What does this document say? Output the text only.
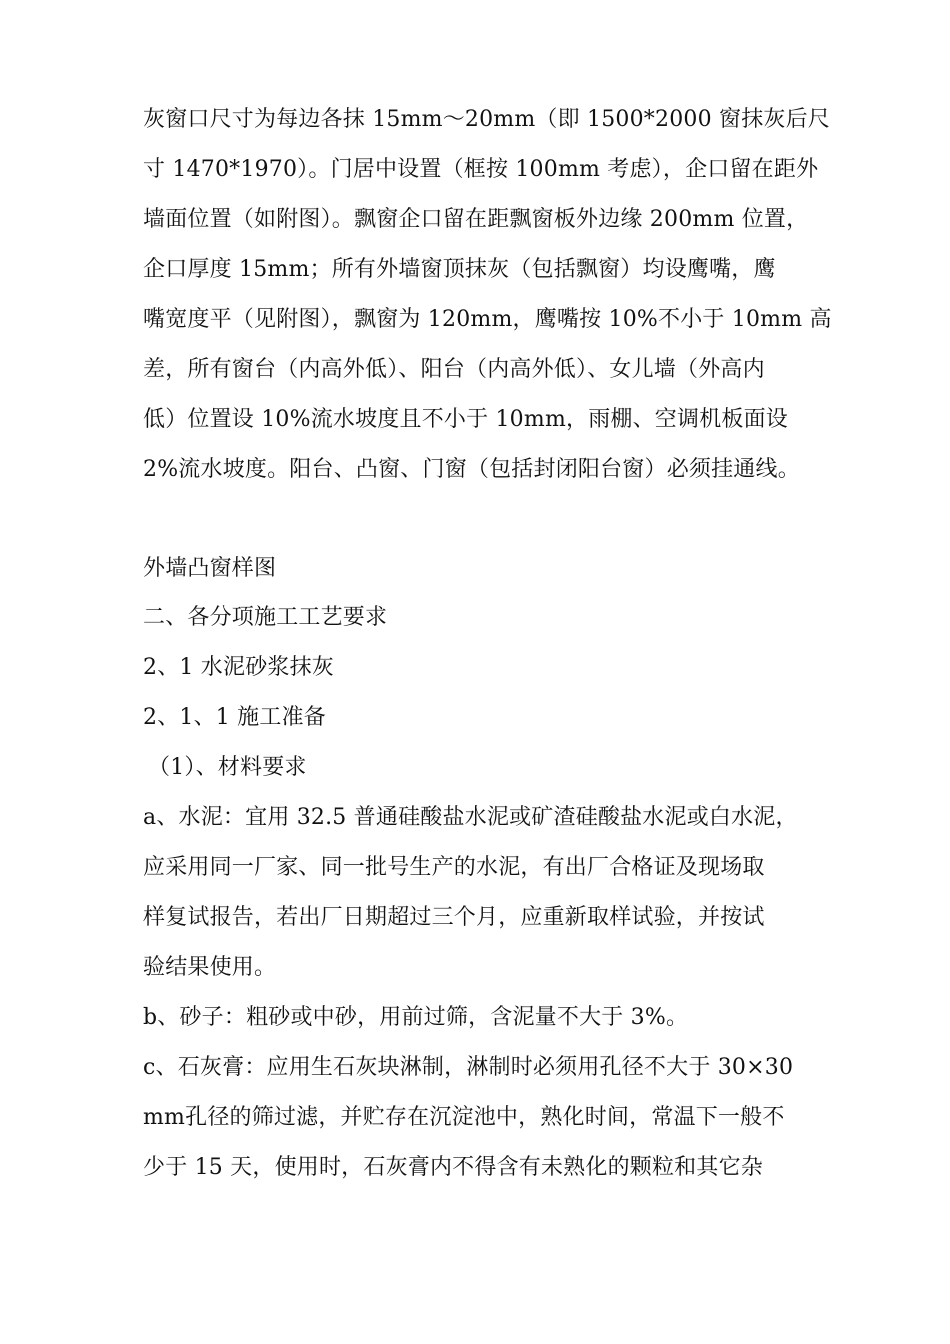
灰窗口尺寸为每边各抹 15mm～20mm（即 1500*2000 窗抹灰后尺
寸 1470*1970）。门居中设置（框按 100mm 考虑），企口留在距外
墙面位置（如附图）。飘窗企口留在距飘窗板外边缘 200mm 位置，
企口厚度 15mm；所有外墙窗顶抹灰（包括飘窗）均设鹰嘴，鹰
嘴宽度平（见附图），飘窗为 120mm，鹰嘴按 10%不小于 10mm 高
差，所有窗台（内高外低）、阳台（内高外低）、女儿墙（外高内
低）位置设 10%流水坡度且不小于 10mm，雨棚、空调机板面设
2%流水坡度。阳台、凸窗、门窗（包括封闭阳台窗）必须挂通线。
外墙凸窗样图
二、各分项施工工艺要求
2、1 水泥砂浆抹灰
2、1、1 施工准备
（1）、材料要求
a、水泥：宜用 32.5 普通硅酸盐水泥或矿渣硅酸盐水泥或白水泥，
应采用同一厂家、同一批号生产的水泥，有出厂合格证及现场取
样复试报告，若出厂日期超过三个月，应重新取样试验，并按试
验结果使用。
b、砂子：粗砂或中砂，用前过筛，含泥量不大于 3%。
c、石灰膏：应用生石灰块淋制，淋制时必须用孔径不大于 30×30
mm孔径的筛过滤，并贮存在沉淀池中，熟化时间，常温下一般不
少于 15 天，使用时，石灰膏内不得含有未熟化的颗粒和其它杂
